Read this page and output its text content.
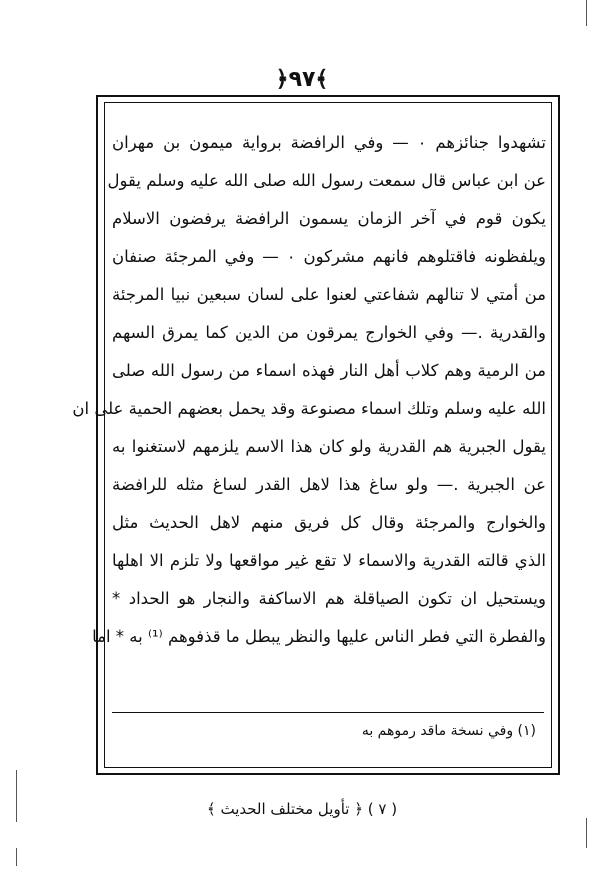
﴿٩٧﴾
تشهدوا جنائزهم ٠ — وفي الرافضة برواية ميمون بن مهران
عن ابن عباس قال سمعت رسول الله صلى الله عليه وسلم يقول
يكون قوم في آخر الزمان يسمون الرافضة يرفضون الاسلام
ويلفظونه فاقتلوهم فانهم مشركون ٠ — وفي المرجئة صنفان
من أمتي لا تنالهم شفاعتي لعنوا على لسان سبعين نبيا المرجئة
والقدرية .— وفي الخوارج يمرقون من الدين كما يمرق السهم
من الرمية وهم كلاب أهل النار فهذه اسماء من رسول الله صلى
الله عليه وسلم وتلك اسماء مصنوعة وقد يحمل بعضهم الحمية على ان
يقول الجبرية هم القدرية ولو كان هذا الاسم يلزمهم لاستغنوا به
عن الجبرية .— ولو ساغ هذا لاهل القدر لساغ مثله للرافضة
والخوارج والمرجئة وقال كل فريق منهم لاهل الحديث مثل
الذي قالته القدرية والاسماء لا تقع غير مواقعها ولا تلزم الا اهلها
ويستحيل ان تكون الصياقلة هم الاساكفة والنجار هو الحداد *
والفطرة التي فطر الناس عليها والنظر يبطل ما قذفوهم ⁽¹⁾ به * اما
(١) وفي نسخة ماقد رموهم به
( ٧ ) ﴿ تأويل مختلف الحديث ﴾
